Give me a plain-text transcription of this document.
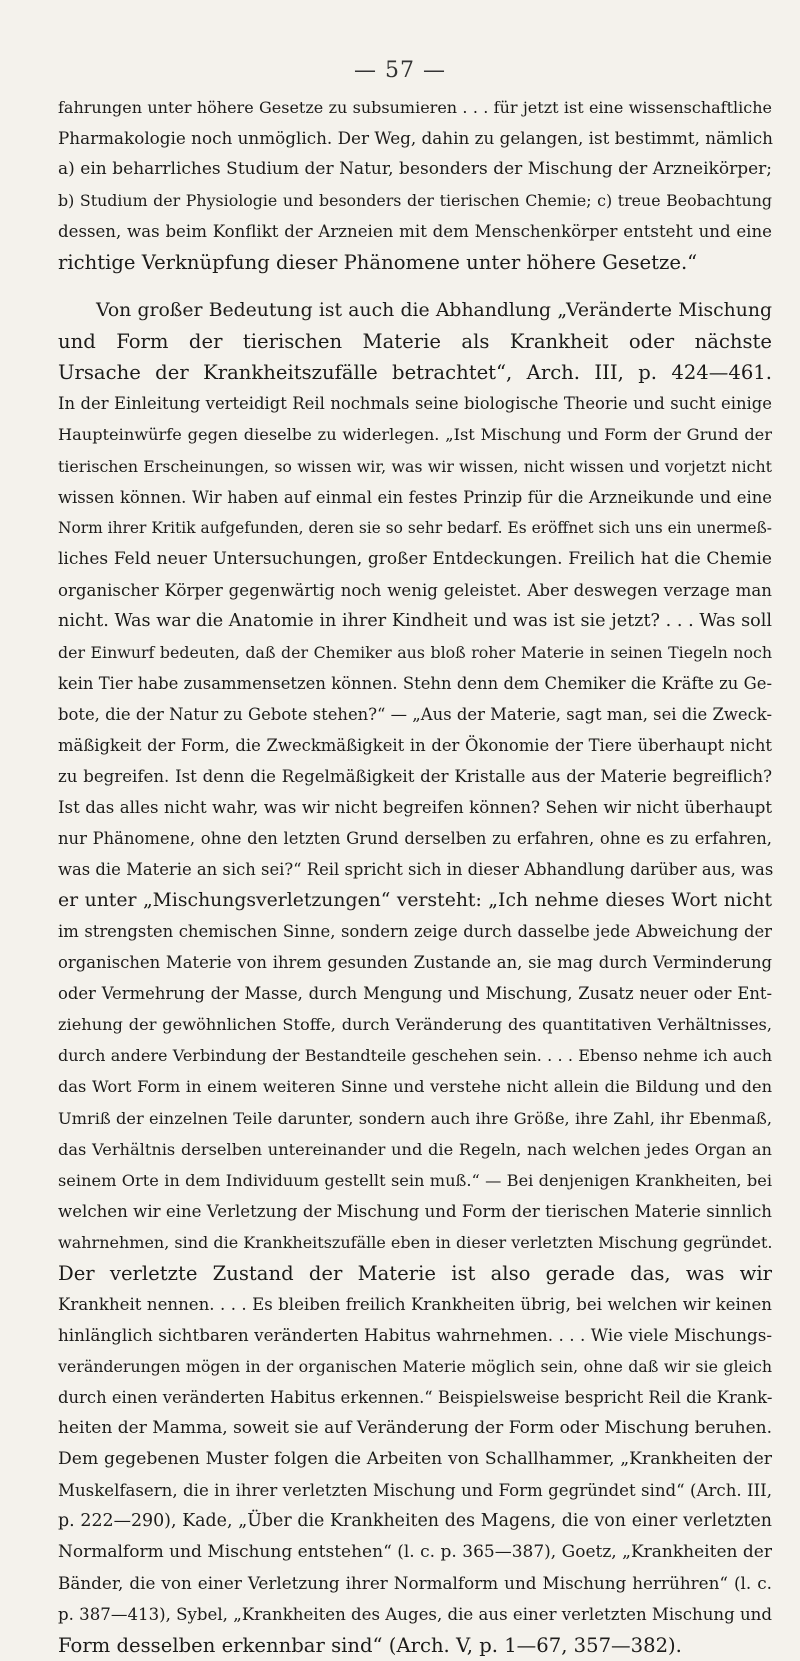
— 57 —

fahrungen unter höhere Gesetze zu subsumieren . . . für jetzt ist eine wissenschaftliche

Pharmakologie noch unmöglich. Der Weg, dahin zu gelangen, ist bestimmt, nämlich

a) ein beharrliches Studium der Natur, besonders der Mischung der Arzneikörper;

b) Studium der Physiologie und besonders der tierischen Chemie; c) treue Beobachtung

dessen, was beim Konflikt der Arzneien mit dem Menschenkörper entsteht und eine

richtige Verknüpfung dieser Phänomene unter höhere Gesetze.“

Von großer Bedeutung ist auch die Abhandlung „Veränderte Mischung

und Form der tierischen Materie als Krankheit oder nächste

Ursache der Krankheitszufälle betrachtet“, Arch. III, p. 424—461.

In der Einleitung verteidigt Reil nochmals seine biologische Theorie und sucht einige

Haupteinwürfe gegen dieselbe zu widerlegen. „Ist Mischung und Form der Grund der

tierischen Erscheinungen, so wissen wir, was wir wissen, nicht wissen und vorjetzt nicht

wissen können. Wir haben auf einmal ein festes Prinzip für die Arzneikunde und eine

Norm ihrer Kritik aufgefunden, deren sie so sehr bedarf. Es eröffnet sich uns ein unermeß-

liches Feld neuer Untersuchungen, großer Entdeckungen. Freilich hat die Chemie

organischer Körper gegenwärtig noch wenig geleistet. Aber deswegen verzage man

nicht. Was war die Anatomie in ihrer Kindheit und was ist sie jetzt? . . . Was soll

der Einwurf bedeuten, daß der Chemiker aus bloß roher Materie in seinen Tiegeln noch

kein Tier habe zusammensetzen können. Stehn denn dem Chemiker die Kräfte zu Ge-

bote, die der Natur zu Gebote stehen?“ — „Aus der Materie, sagt man, sei die Zweck-

mäßigkeit der Form, die Zweckmäßigkeit in der Ökonomie der Tiere überhaupt nicht

zu begreifen. Ist denn die Regelmäßigkeit der Kristalle aus der Materie begreiflich?

Ist das alles nicht wahr, was wir nicht begreifen können? Sehen wir nicht überhaupt

nur Phänomene, ohne den letzten Grund derselben zu erfahren, ohne es zu erfahren,

was die Materie an sich sei?“ Reil spricht sich in dieser Abhandlung darüber aus, was

er unter „Mischungsverletzungen“ versteht: „Ich nehme dieses Wort nicht

im strengsten chemischen Sinne, sondern zeige durch dasselbe jede Abweichung der

organischen Materie von ihrem gesunden Zustande an, sie mag durch Verminderung

oder Vermehrung der Masse, durch Mengung und Mischung, Zusatz neuer oder Ent-

ziehung der gewöhnlichen Stoffe, durch Veränderung des quantitativen Verhältnisses,

durch andere Verbindung der Bestandteile geschehen sein. . . . Ebenso nehme ich auch

das Wort Form in einem weiteren Sinne und verstehe nicht allein die Bildung und den

Umriß der einzelnen Teile darunter, sondern auch ihre Größe, ihre Zahl, ihr Ebenmaß,

das Verhältnis derselben untereinander und die Regeln, nach welchen jedes Organ an

seinem Orte in dem Individuum gestellt sein muß.“ — Bei denjenigen Krankheiten, bei

welchen wir eine Verletzung der Mischung und Form der tierischen Materie sinnlich

wahrnehmen, sind die Krankheitszufälle eben in dieser verletzten Mischung gegründet.

Der verletzte Zustand der Materie ist also gerade das, was wir

Krankheit nennen. . . . Es bleiben freilich Krankheiten übrig, bei welchen wir keinen

hinlänglich sichtbaren veränderten Habitus wahrnehmen. . . . Wie viele Mischungs-

veränderungen mögen in der organischen Materie möglich sein, ohne daß wir sie gleich

durch einen veränderten Habitus erkennen.“ Beispielsweise bespricht Reil die Krank-

heiten der Mamma, soweit sie auf Veränderung der Form oder Mischung beruhen.

Dem gegebenen Muster folgen die Arbeiten von Schallhammer, „Krankheiten der

Muskelfasern, die in ihrer verletzten Mischung und Form gegründet sind“ (Arch. III,

p. 222—290), Kade, „Über die Krankheiten des Magens, die von einer verletzten

Normalform und Mischung entstehen“ (l. c. p. 365—387), Goetz, „Krankheiten der

Bänder, die von einer Verletzung ihrer Normalform und Mischung herrühren“ (l. c.

p. 387—413), Sybel, „Krankheiten des Auges, die aus einer verletzten Mischung und

Form desselben erkennbar sind“ (Arch. V, p. 1—67, 357—382).
